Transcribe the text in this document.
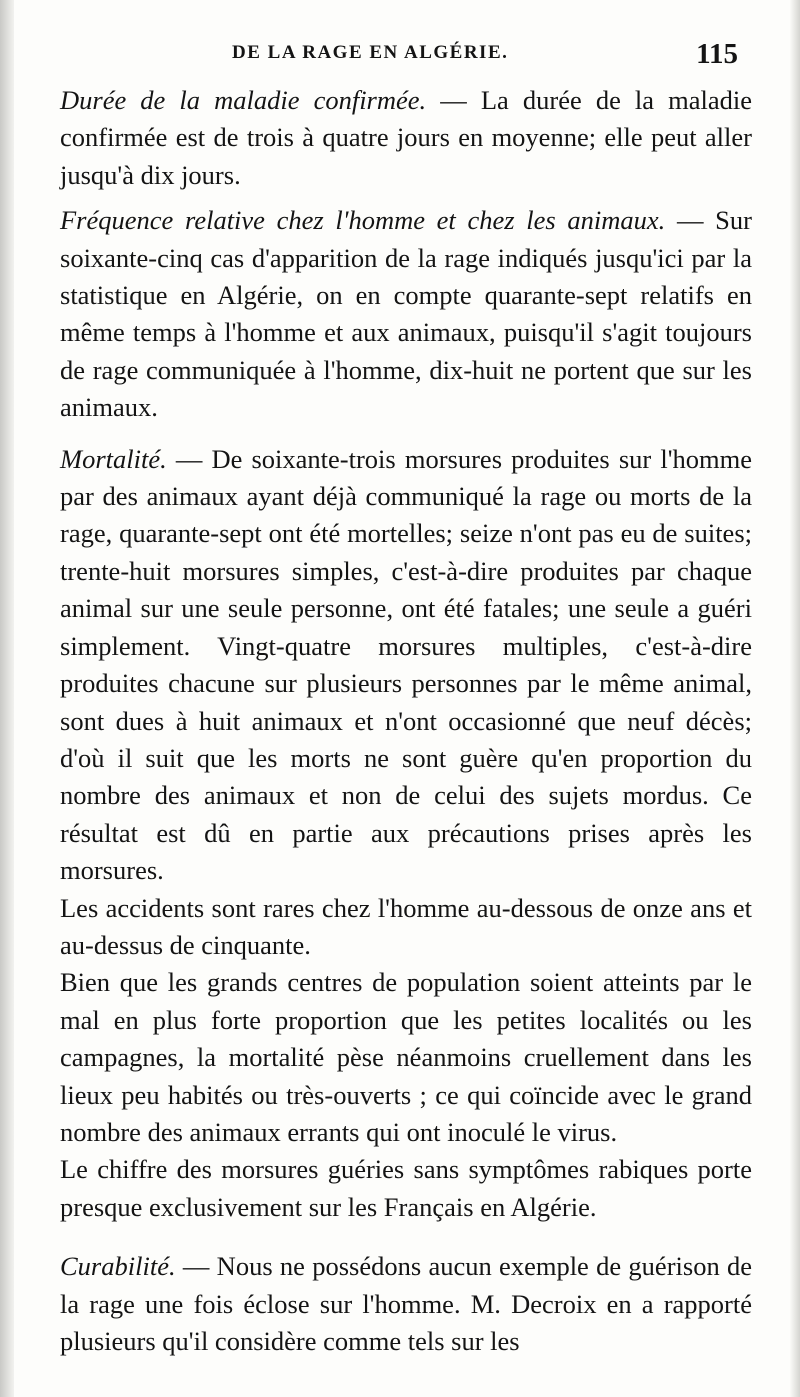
DE LA RAGE EN ALGÉRIE.	115

Durée de la maladie confirmée. — La durée de la maladie confirmée est de trois à quatre jours en moyenne; elle peut aller jusqu'à dix jours.

Fréquence relative chez l'homme et chez les animaux. — Sur soixante-cinq cas d'apparition de la rage indiqués jusqu'ici par la statistique en Algérie, on en compte quarante-sept relatifs en même temps à l'homme et aux animaux, puisqu'il s'agit toujours de rage communiquée à l'homme, dix-huit ne portent que sur les animaux.

Mortalité. — De soixante-trois morsures produites sur l'homme par des animaux ayant déjà communiqué la rage ou morts de la rage, quarante-sept ont été mortelles; seize n'ont pas eu de suites; trente-huit morsures simples, c'est-à-dire produites par chaque animal sur une seule personne, ont été fatales; une seule a guéri simplement. Vingt-quatre morsures multiples, c'est-à-dire produites chacune sur plusieurs personnes par le même animal, sont dues à huit animaux et n'ont occasionné que neuf décès; d'où il suit que les morts ne sont guère qu'en proportion du nombre des animaux et non de celui des sujets mordus. Ce résultat est dû en partie aux précautions prises après les morsures.

Les accidents sont rares chez l'homme au-dessous de onze ans et au-dessus de cinquante.

Bien que les grands centres de population soient atteints par le mal en plus forte proportion que les petites localités ou les campagnes, la mortalité pèse néanmoins cruellement dans les lieux peu habités ou très-ouverts ; ce qui coïncide avec le grand nombre des animaux errants qui ont inoculé le virus.

Le chiffre des morsures guéries sans symptômes rabiques porte presque exclusivement sur les Français en Algérie.

Curabilité. — Nous ne possédons aucun exemple de guérison de la rage une fois éclose sur l'homme. M. Decroix en a rapporté plusieurs qu'il considère comme tels sur les
